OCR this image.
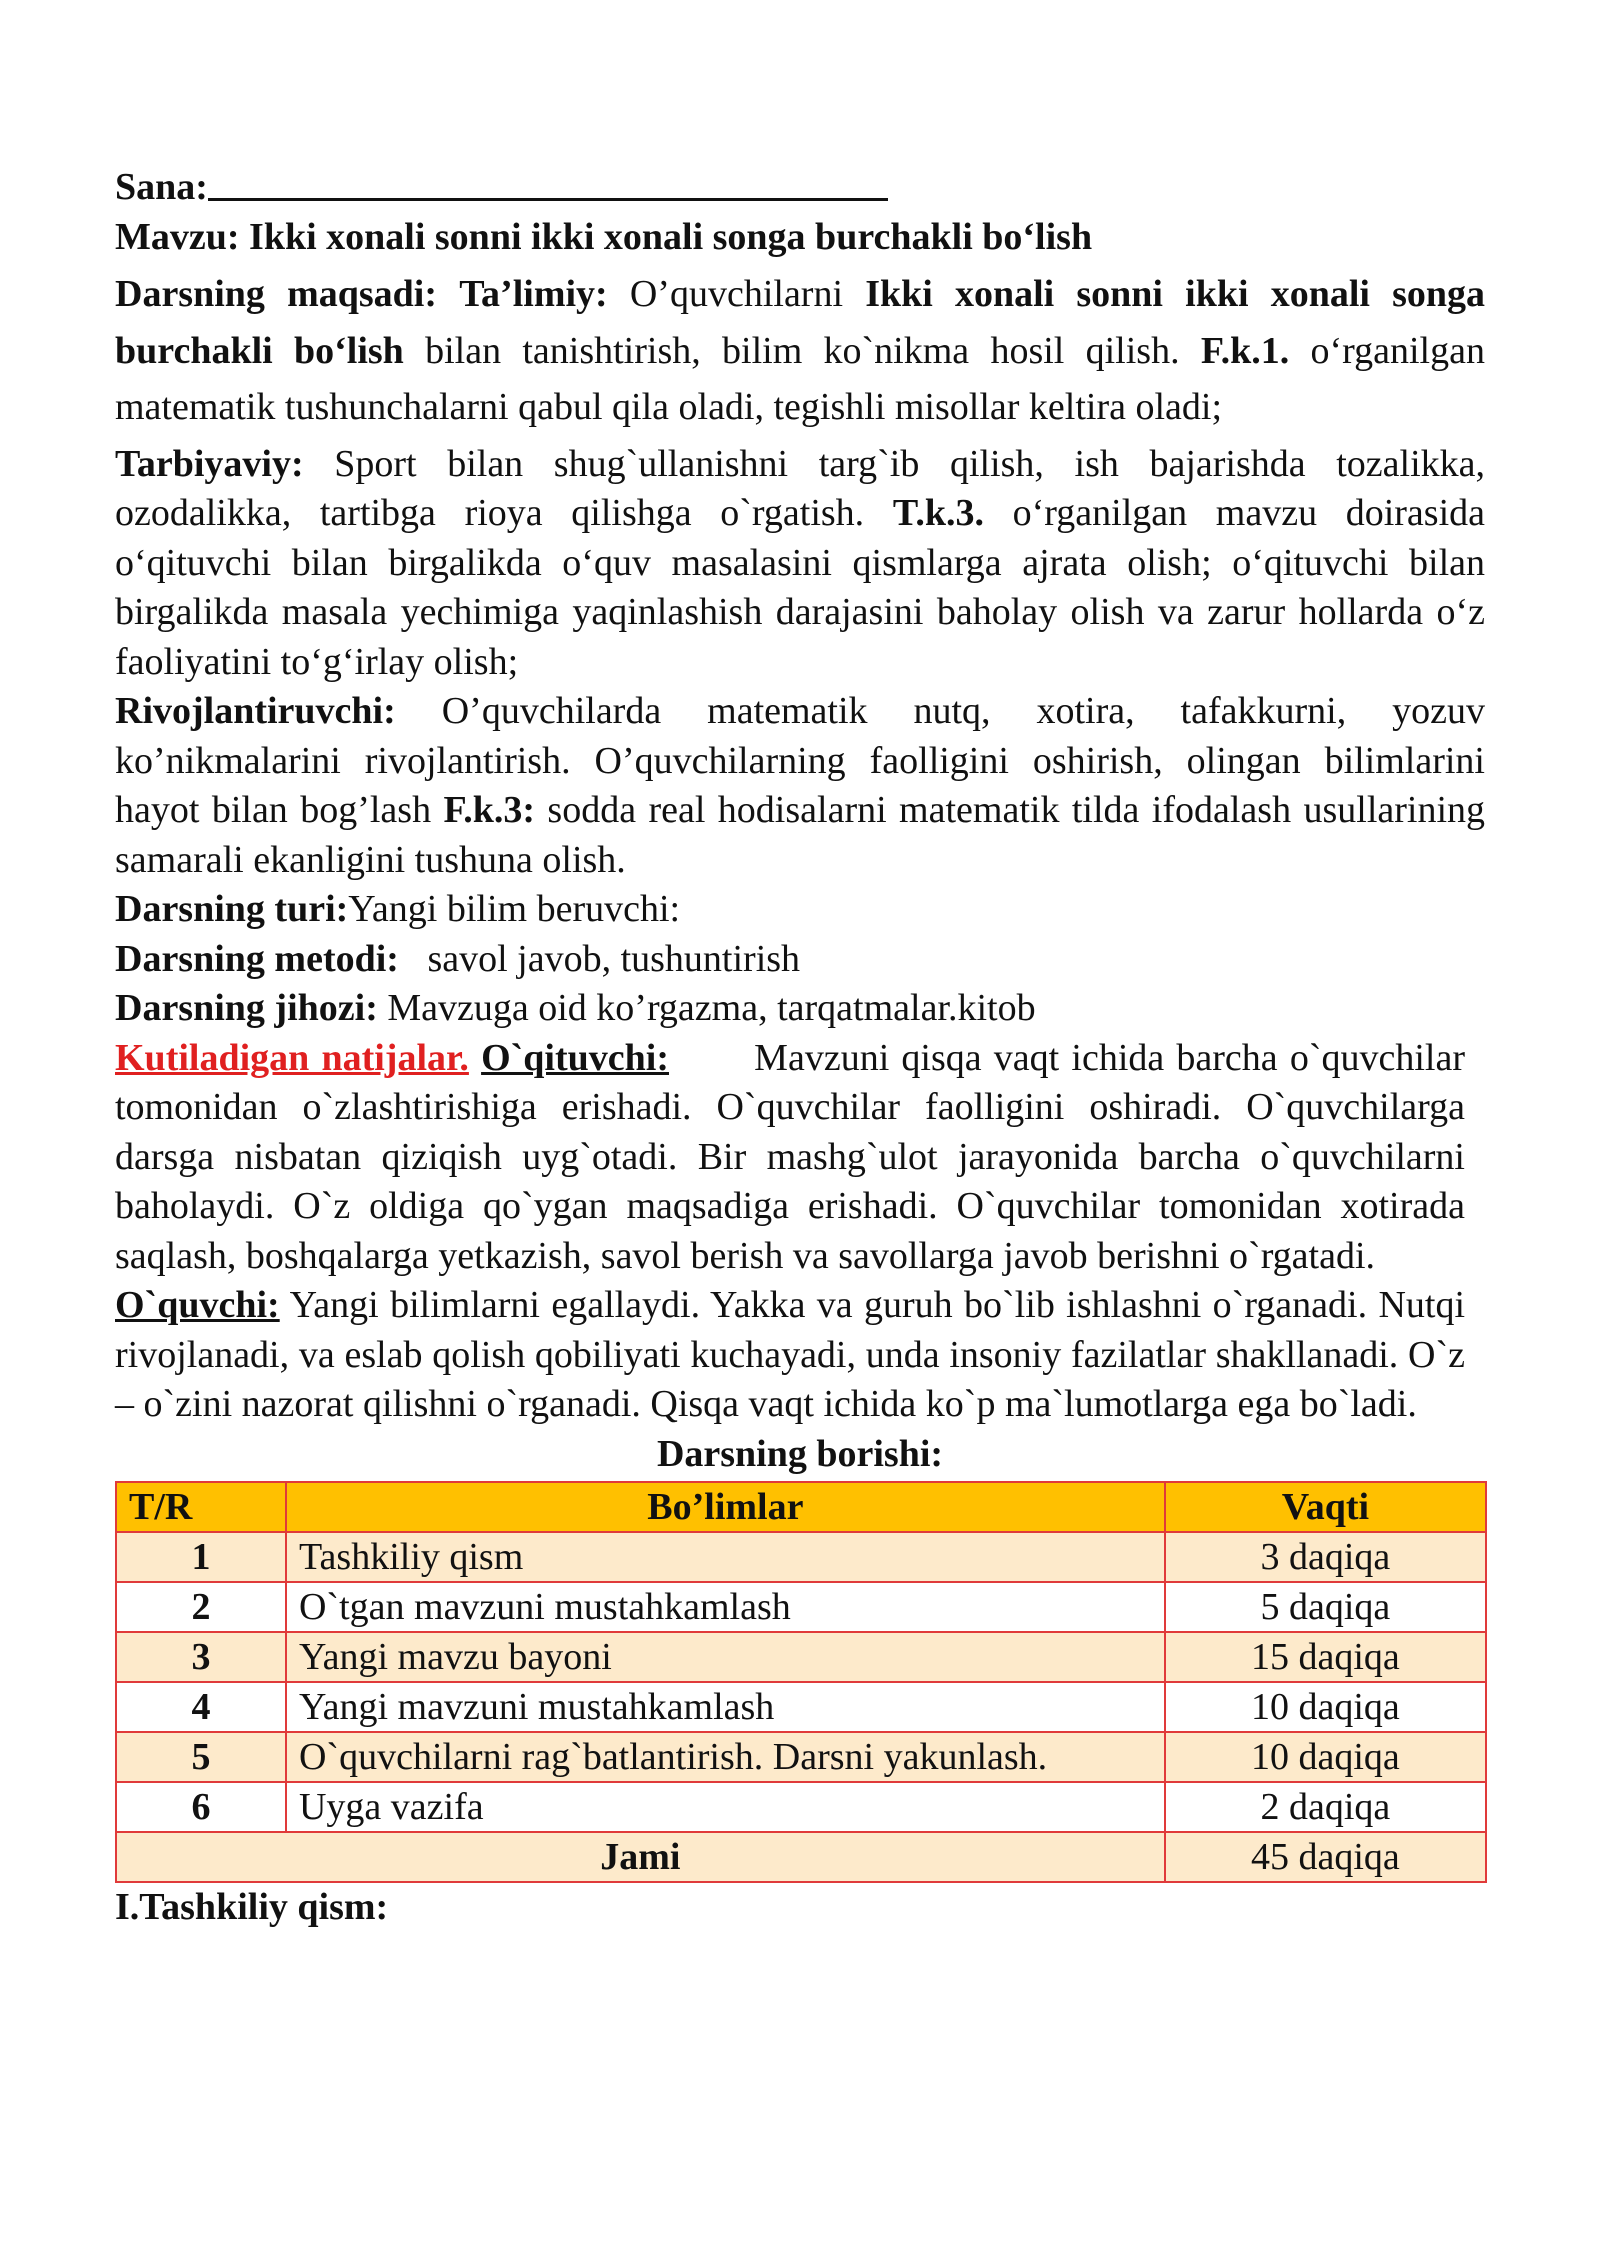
Sana:

Mavzu: Ikki xonali sonni ikki xonali songa burchakli bo‘lish

Darsning maqsadi: Ta’limiy: O’quvchilarni Ikki xonali sonni ikki xonali songa burchakli bo‘lish bilan tanishtirish, bilim ko`nikma hosil qilish. F.k.1. o‘rganilgan matematik tushunchalarni qabul qila oladi, tegishli misollar keltira oladi;

Tarbiyaviy: Sport bilan shug`ullanishni targ`ib qilish, ish bajarishda tozalikka, ozodalikka, tartibga rioya qilishga o`rgatish. T.k.3. o‘rganilgan mavzu doirasida o‘qituvchi bilan birgalikda o‘quv masalasini qismlarga ajrata olish; o‘qituvchi bilan birgalikda masala yechimiga yaqinlashish darajasini baholay olish va zarur hollarda o‘z faoliyatini to‘g‘irlay olish;

Rivojlantiruvchi: O’quvchilarda matematik nutq, xotira, tafakkurni, yozuv ko’nikmalarini rivojlantirish. O’quvchilarning faolligini oshirish, olingan bilimlarini hayot bilan bog’lash F.k.3: sodda real hodisalarni matematik tilda ifodalash usullarining samarali ekanligini tushuna olish.

Darsning turi:Yangi bilim beruvchi:

Darsning metodi: savol javob, tushuntirish

Darsning jihozi: Mavzuga oid ko’rgazma, tarqatmalar.kitob

Kutiladigan natijalar. O`qituvchi: Mavzuni qisqa vaqt ichida barcha o`quvchilar tomonidan o`zlashtirishiga erishadi. O`quvchilar faolligini oshiradi. O`quvchilarga darsga nisbatan qiziqish uyg`otadi. Bir mashg`ulot jarayonida barcha o`quvchilarni baholaydi. O`z oldiga qo`ygan maqsadiga erishadi. O`quvchilar tomonidan xotirada saqlash, boshqalarga yetkazish, savol berish va savollarga javob berishni o`rgatadi.

O`quvchi: Yangi bilimlarni egallaydi. Yakka va guruh bo`lib ishlashni o`rganadi. Nutqi rivojlanadi, va eslab qolish qobiliyati kuchayadi, unda insoniy fazilatlar shakllanadi. O`z – o`zini nazorat qilishni o`rganadi. Qisqa vaqt ichida ko`p ma`lumotlarga ega bo`ladi.

Darsning borishi:

T/R	Bo’limlar	Vaqti
1	Tashkiliy qism	3 daqiqa
2	O`tgan mavzuni mustahkamlash	5 daqiqa
3	Yangi mavzu bayoni	15 daqiqa
4	Yangi mavzuni mustahkamlash	10 daqiqa
5	O`quvchilarni rag`batlantirish. Darsni yakunlash.	10 daqiqa
6	Uyga vazifa	2 daqiqa
Jami		45 daqiqa

I.Tashkiliy qism:
